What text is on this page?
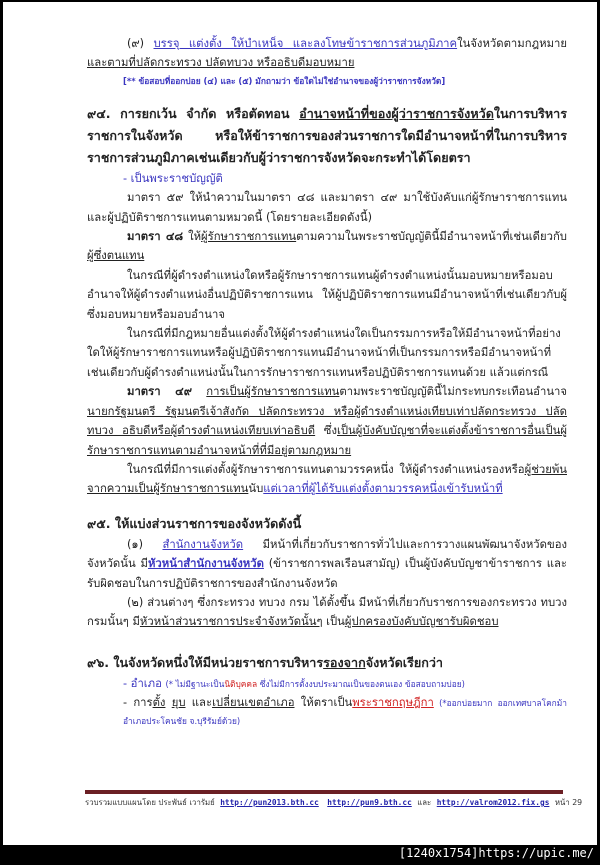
(๙) บรรจุ แต่งตั้ง ให้บำเหน็จ และลงโทษข้าราชการส่วนภูมิภาคในจังหวัดตามกฎหมาย และตามที่ปลัดกระทรวง ปลัดทบวง หรืออธิบดีมอบหมาย

[** ข้อสอบที่ออกบ่อย (๔) และ (๕) มักถามว่า ข้อใดไม่ใช่อำนาจของผู้ว่าราชการจังหวัด]

๙๔. การยกเว้น จำกัด หรือตัดทอน อำนาจหน้าที่ของผู้ว่าราชการจังหวัดในการบริหารราชการในจังหวัด หรือให้ข้าราชการของส่วนราชการใดมีอำนาจหน้าที่ในการบริหารราชการส่วนภูมิภาคเช่นเดียวกับผู้ว่าราชการจังหวัดจะกระทำได้โดยตรา

- เป็นพระราชบัญญัติ

มาตรา ๕๙ ให้นำความในมาตรา ๔๘ และมาตรา ๔๙ มาใช้บังคับแก่ผู้รักษาราชการแทนและผู้ปฏิบัติราชการแทนตามหมวดนี้ (โดยรายละเอียดดังนี้)

มาตรา ๔๘ ให้ผู้รักษาราชการแทนตามความในพระราชบัญญัตินี้มีอำนาจหน้าที่เช่นเดียวกับผู้ซึ่งตนแทน

ในกรณีที่ผู้ดำรงตำแหน่งใดหรือผู้รักษาราชการแทนผู้ดำรงตำแหน่งนั้นมอบหมายหรือมอบอำนาจให้ผู้ดำรงตำแหน่งอื่นปฏิบัติราชการแทน ให้ผู้ปฏิบัติราชการแทนมีอำนาจหน้าที่เช่นเดียวกับผู้ซึ่งมอบหมายหรือมอบอำนาจ

ในกรณีที่มีกฎหมายอื่นแต่งตั้งให้ผู้ดำรงตำแหน่งใดเป็นกรรมการหรือให้มีอำนาจหน้าที่อย่างใดให้ผู้รักษาราชการแทนหรือผู้ปฏิบัติราชการแทนมีอำนาจหน้าที่เป็นกรรมการหรือมีอำนาจหน้าที่เช่นเดียวกับผู้ดำรงตำแหน่งนั้นในการรักษาราชการแทนหรือปฏิบัติราชการแทนด้วย แล้วแต่กรณี

มาตรา ๔๙ การเป็นผู้รักษาราชการแทนตามพระราชบัญญัตินี้ไม่กระทบกระเทือนอำนาจนายกรัฐมนตรี รัฐมนตรีเจ้าสังกัด ปลัดกระทรวง หรือผู้ดำรงตำแหน่งเทียบเท่าปลัดกระทรวง ปลัดทบวง อธิบดีหรือผู้ดำรงตำแหน่งเทียบเท่าอธิบดี ซึ่งเป็นผู้บังคับบัญชาที่จะแต่งตั้งข้าราชการอื่นเป็นผู้รักษาราชการแทนตามอำนาจหน้าที่ที่มีอยู่ตามกฎหมาย

ในกรณีที่มีการแต่งตั้งผู้รักษาราชการแทนตามวรรคหนึ่ง ให้ผู้ดำรงตำแหน่งรองหรือผู้ช่วยพ้นจากความเป็นผู้รักษาราชการแทนนับแต่เวลาที่ผู้ได้รับแต่งตั้งตามวรรคหนึ่งเข้ารับหน้าที่

๙๕. ให้แบ่งส่วนราชการของจังหวัดดังนี้

(๑) สำนักงานจังหวัด มีหน้าที่เกี่ยวกับราชการทั่วไปและการวางแผนพัฒนาจังหวัดของจังหวัดนั้น มีหัวหน้าสำนักงานจังหวัด (ข้าราชการพลเรือนสามัญ) เป็นผู้บังคับบัญชาข้าราชการ และรับผิดชอบในการปฏิบัติราชการของสำนักงานจังหวัด

(๒) ส่วนต่างๆ ซึ่งกระทรวง ทบวง กรม ได้ตั้งขึ้น มีหน้าที่เกี่ยวกับราชการของกระทรวง ทบวง กรมนั้นๆ มีหัวหน้าส่วนราชการประจำจังหวัดนั้นๆ เป็นผู้ปกครองบังคับบัญชารับผิดชอบ

๙๖. ในจังหวัดหนึ่งให้มีหน่วยราชการบริหารรองจากจังหวัดเรียกว่า

- อำเภอ (* ไม่มีฐานะเป็นนิติบุคคล ซึ่งไม่มีการตั้งงบประมาณเป็นของตนเอง ข้อสอบถามบ่อย)

- การตั้ง ยุบ และเปลี่ยนเขตอำเภอ ให้ตราเป็นพระราชกฤษฎีกา (*ออกบ่อยมาก ออกเทศบาลโคกม้า อำเภอประโคนชัย จ.บุรีรัมย์ด้วย)

รวบรวมแบบแผนโดย ประพันธ์ เวารัมย์ http://pun2013.bth.cc http://pun9.bth.cc และ http://valrom2012.fix.gs หน้า 29
[1240x1754]https://upic.me/
